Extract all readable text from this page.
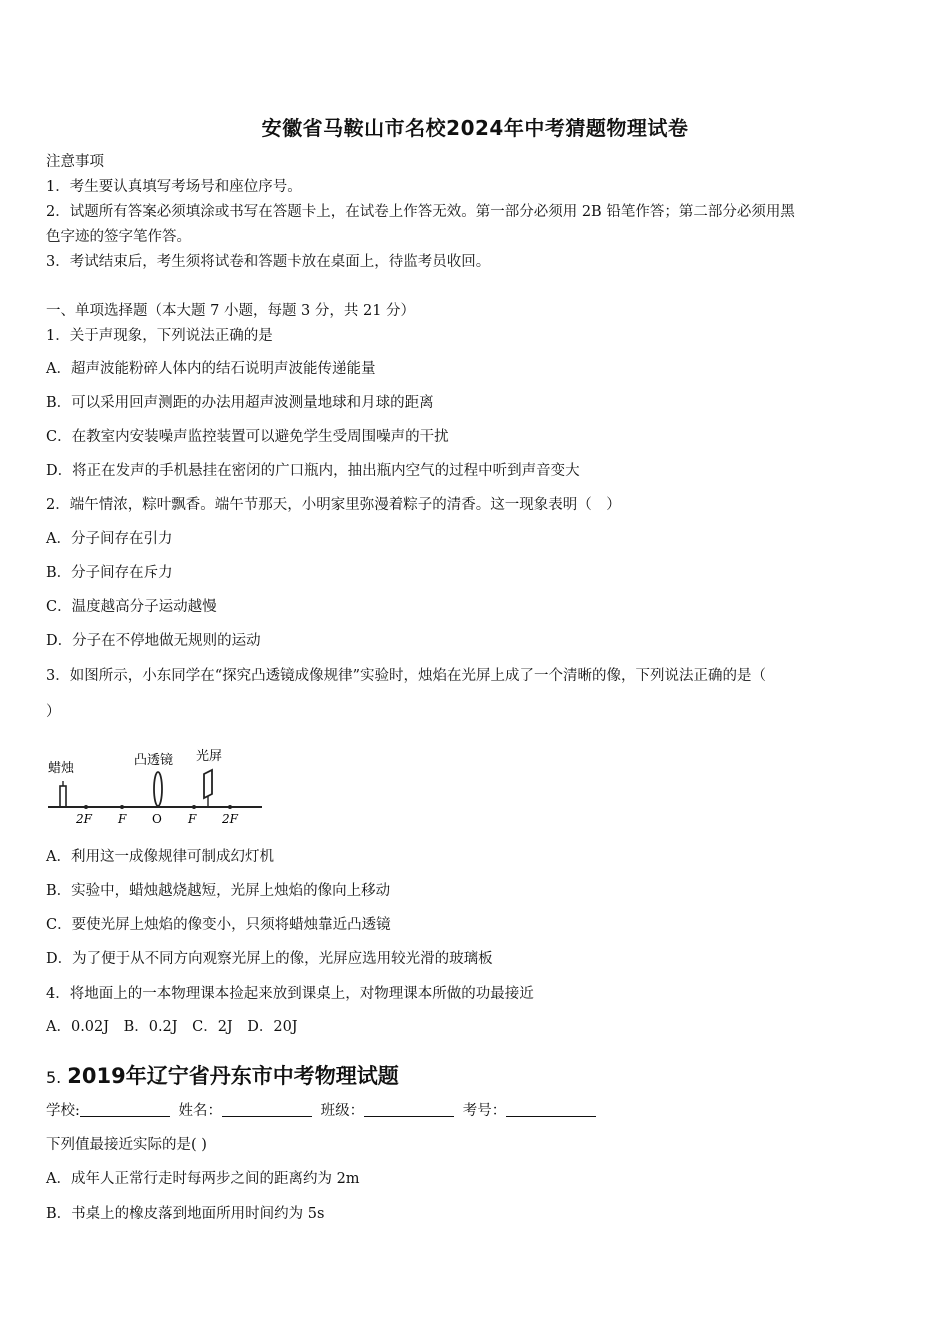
安徽省马鞍山市名校2024年中考猜题物理试卷
注意事项
1．考生要认真填写考场号和座位序号。
2．试题所有答案必须填涂或书写在答题卡上，在试卷上作答无效。第一部分必须用 2B 铅笔作答；第二部分必须用黑
色字迹的签字笔作答。
3．考试结束后，考生须将试卷和答题卡放在桌面上，待监考员收回。
一、单项选择题（本大题 7 小题，每题 3 分，共 21 分）
1．关于声现象，下列说法正确的是
A．超声波能粉碎人体内的结石说明声波能传递能量
B．可以采用回声测距的办法用超声波测量地球和月球的距离
C．在教室内安装噪声监控装置可以避免学生受周围噪声的干扰
D．将正在发声的手机悬挂在密闭的广口瓶内，抽出瓶内空气的过程中听到声音变大
2．端午情浓，粽叶飘香。端午节那天，小明家里弥漫着粽子的清香。这一现象表明（　）
A．分子间存在引力
B．分子间存在斥力
C．温度越高分子运动越慢
D．分子在不停地做无规则的运动
3．如图所示，小东同学在“探究凸透镜成像规律”实验时，烛焰在光屏上成了一个清晰的像，下列说法正确的是（
）
蜡烛
凸透镜 光屏
2F F O F 2F
A．利用这一成像规律可制成幻灯机
B．实验中，蜡烛越烧越短，光屏上烛焰的像向上移动
C．要使光屏上烛焰的像变小，只须将蜡烛靠近凸透镜
D．为了便于从不同方向观察光屏上的像，光屏应选用较光滑的玻璃板
4．将地面上的一本物理课本捡起来放到课桌上，对物理课本所做的功最接近
A．0.02J　B．0.2J　C．2J　D．20J
5. 2019年辽宁省丹东市中考物理试题
学校:	姓名：	班级：	考号：
下列值最接近实际的是( )
A．成年人正常行走时每两步之间的距离约为 2m
B．书桌上的橡皮落到地面所用时间约为 5s
